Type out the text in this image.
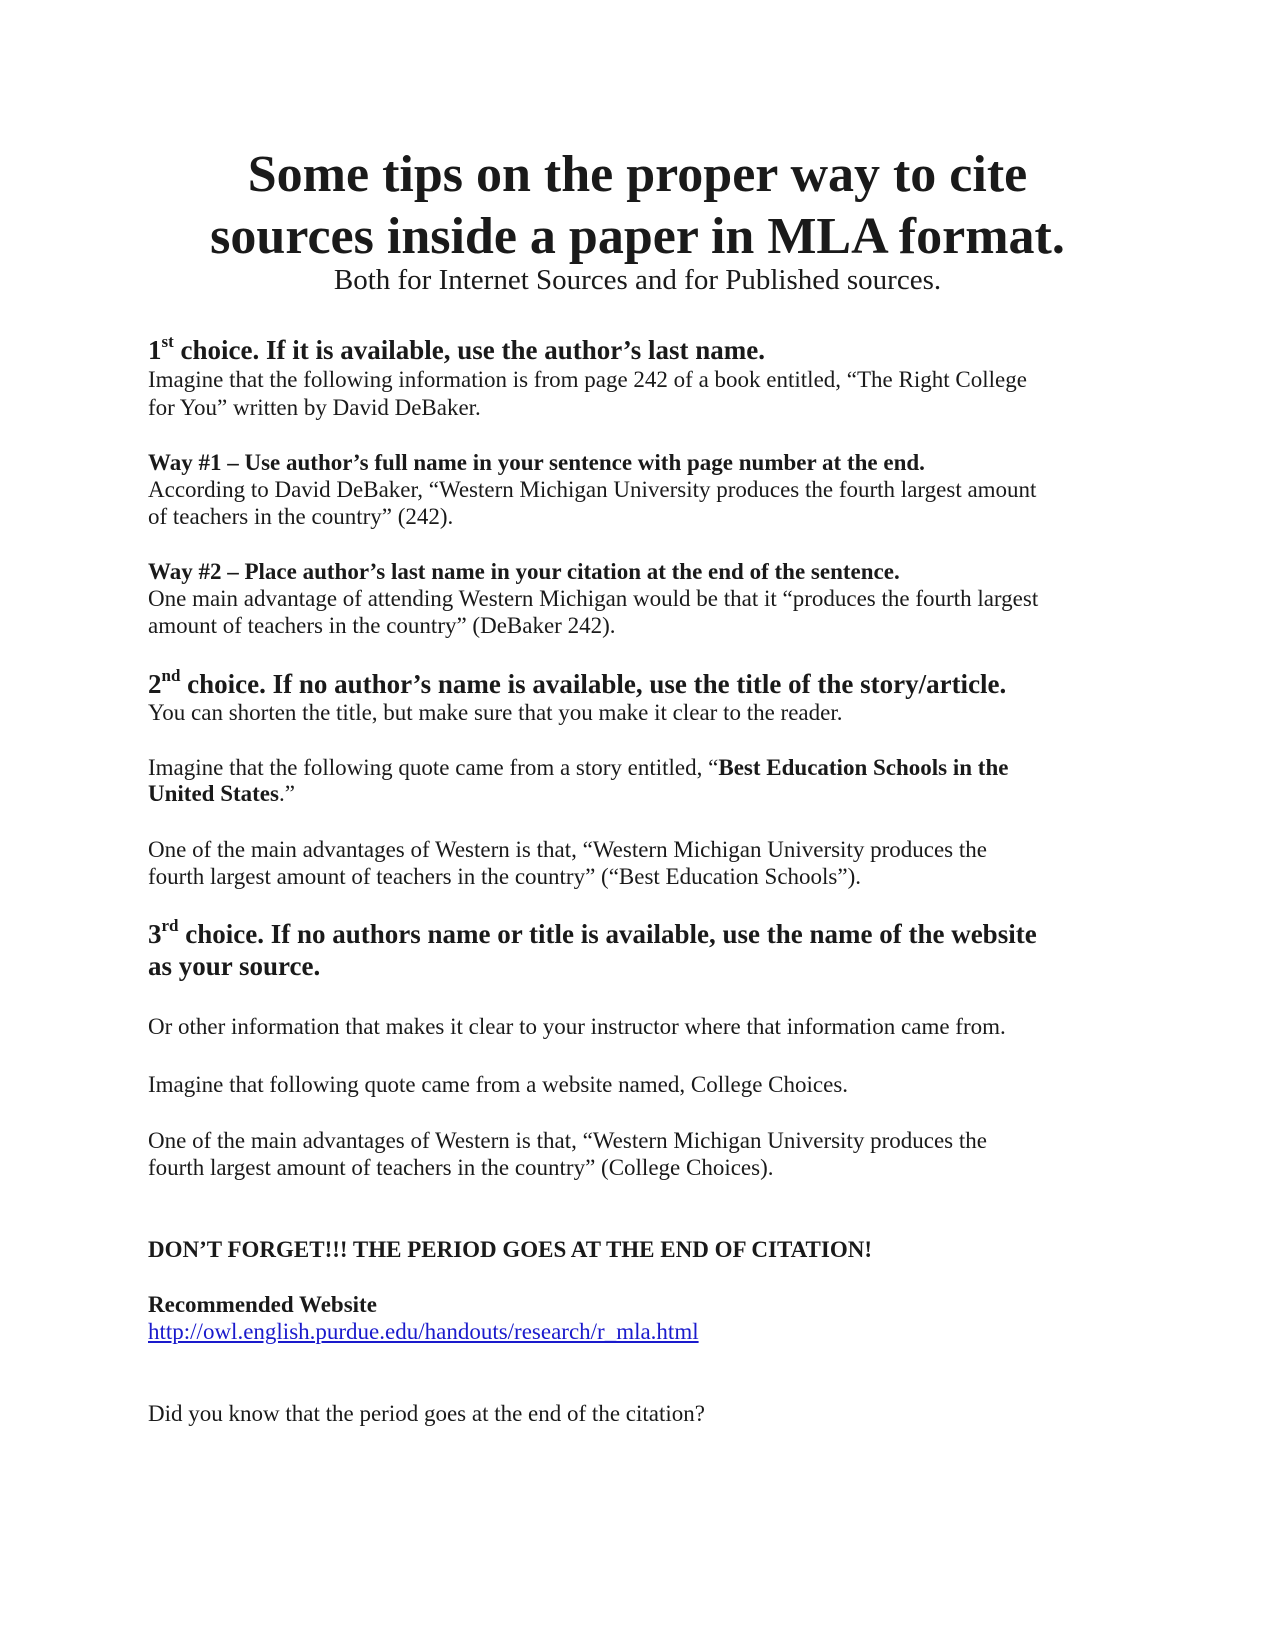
Some tips on the proper way to cite
sources inside a paper in MLA format.
Both for Internet Sources and for Published sources.
1st choice. If it is available, use the author’s last name.
Imagine that the following information is from page 242 of a book entitled, “The Right College
for You” written by David DeBaker.
Way #1 – Use author’s full name in your sentence with page number at the end.
According to David DeBaker, “Western Michigan University produces the fourth largest amount
of teachers in the country” (242).
Way #2 – Place author’s last name in your citation at the end of the sentence.
One main advantage of attending Western Michigan would be that it “produces the fourth largest
amount of teachers in the country” (DeBaker 242).
2nd choice. If no author’s name is available, use the title of the story/article.
You can shorten the title, but make sure that you make it clear to the reader.
Imagine that the following quote came from a story entitled, “Best Education Schools in the
United States.”
One of the main advantages of Western is that, “Western Michigan University produces the
fourth largest amount of teachers in the country” (“Best Education Schools”).
3rd choice. If no authors name or title is available, use the name of the website
as your source.
Or other information that makes it clear to your instructor where that information came from.
Imagine that following quote came from a website named, College Choices.
One of the main advantages of Western is that, “Western Michigan University produces the
fourth largest amount of teachers in the country” (College Choices).
DON’T FORGET!!! THE PERIOD GOES AT THE END OF CITATION!
Recommended Website
http://owl.english.purdue.edu/handouts/research/r_mla.html
Did you know that the period goes at the end of the citation?
